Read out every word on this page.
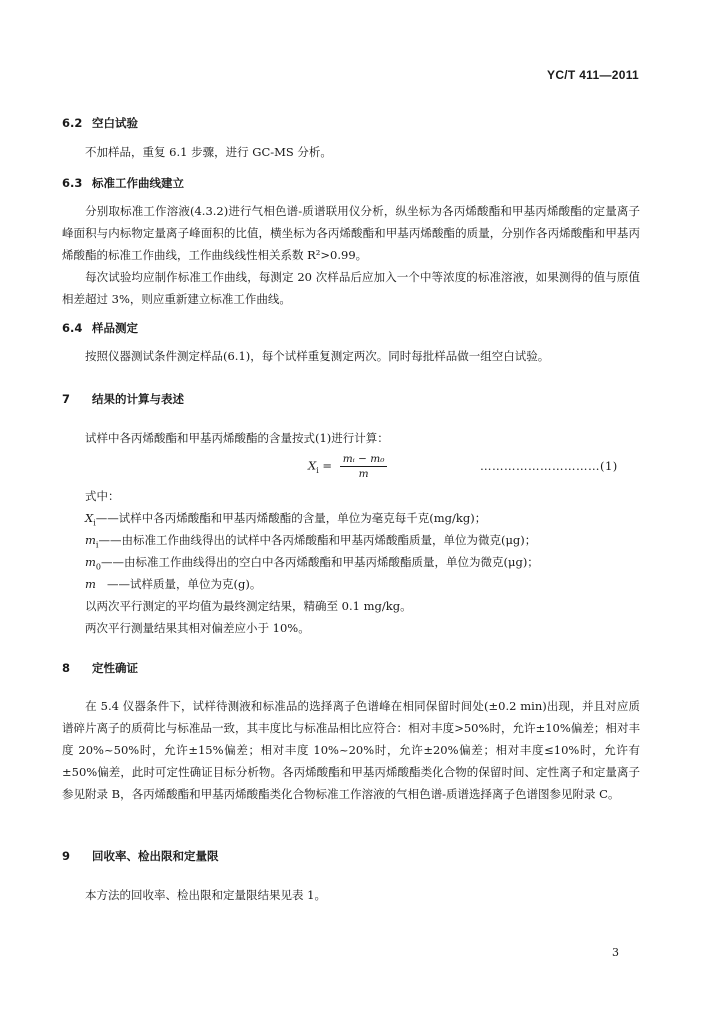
YC/T 411—2011
6.2 空白试验
不加样品，重复 6.1 步骤，进行 GC-MS 分析。
6.3 标准工作曲线建立
分别取标准工作溶液(4.3.2)进行气相色谱-质谱联用仪分析，纵坐标为各丙烯酸酯和甲基丙烯酸酯的定量离子峰面积与内标物定量离子峰面积的比值，横坐标为各丙烯酸酯和甲基丙烯酸酯的质量，分别作各丙烯酸酯和甲基丙烯酸酯的标准工作曲线，工作曲线线性相关系数 R²>0.99。
每次试验均应制作标准工作曲线，每测定 20 次样品后应加入一个中等浓度的标准溶液，如果测得的值与原值相差超过 3%，则应重新建立标准工作曲线。
6.4 样品测定
按照仪器测试条件测定样品(6.1)，每个试样重复测定两次。同时每批样品做一组空白试验。
7 结果的计算与表述
试样中各丙烯酸酯和甲基丙烯酸酯的含量按式(1)进行计算：
$X_i = \frac{\text{mᵢ − m₀}}{m}$	…………………………(1)
式中：
$X_i——$试样中各丙烯酸酯和甲基丙烯酸酯的含量，单位为毫克每千克(mg/kg)；
$m_i——$由标准工作曲线得出的试样中各丙烯酸酯和甲基丙烯酸酯质量，单位为微克(μg)；
$m_0——$由标准工作曲线得出的空白中各丙烯酸酯和甲基丙烯酸酯质量，单位为微克(μg)；
m ——试样质量，单位为克(g)。
以两次平行测定的平均值为最终测定结果，精确至 0.1 mg/kg。
两次平行测量结果其相对偏差应小于 10%。
8 定性确证
在 5.4 仪器条件下，试样待测液和标准品的选择离子色谱峰在相同保留时间处(±0.2 min)出现，并且对应质谱碎片离子的质荷比与标准品一致，其丰度比与标准品相比应符合：相对丰度>50%时，允许±10%偏差；相对丰度 20%~50%时，允许±15%偏差；相对丰度 10%~20%时，允许±20%偏差；相对丰度≤10%时，允许有±50%偏差，此时可定性确证目标分析物。各丙烯酸酯和甲基丙烯酸酯类化合物的保留时间、定性离子和定量离子参见附录 B，各丙烯酸酯和甲基丙烯酸酯类化合物标准工作溶液的气相色谱-质谱选择离子色谱图参见附录 C。
9 回收率、检出限和定量限
本方法的回收率、检出限和定量限结果见表 1。
3
